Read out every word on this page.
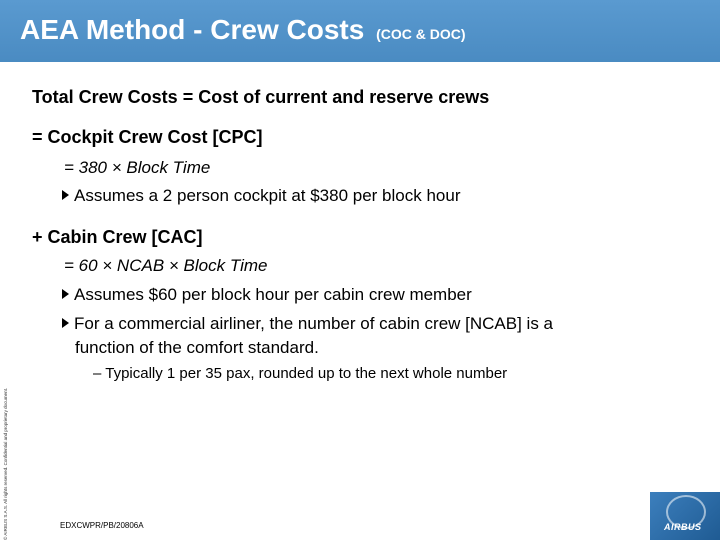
AEA Method - Crew Costs (COC & DOC)
Total Crew Costs = Cost of current and reserve crews
= Cockpit Crew Cost [CPC]
= 380 × Block Time
Assumes a 2 person cockpit at $380 per block hour
+ Cabin Crew [CAC]
= 60 × NCAB × Block Time
Assumes $60 per block hour per cabin crew member
For a commercial airliner, the number of cabin crew [NCAB] is a
function of the comfort standard.
– Typically 1 per 35 pax, rounded up to the next whole number
© AIRBUS S.A.S. All rights reserved. Confidential and proprietary document.	EDXCWPR/PB/20806A	AIRBUS
